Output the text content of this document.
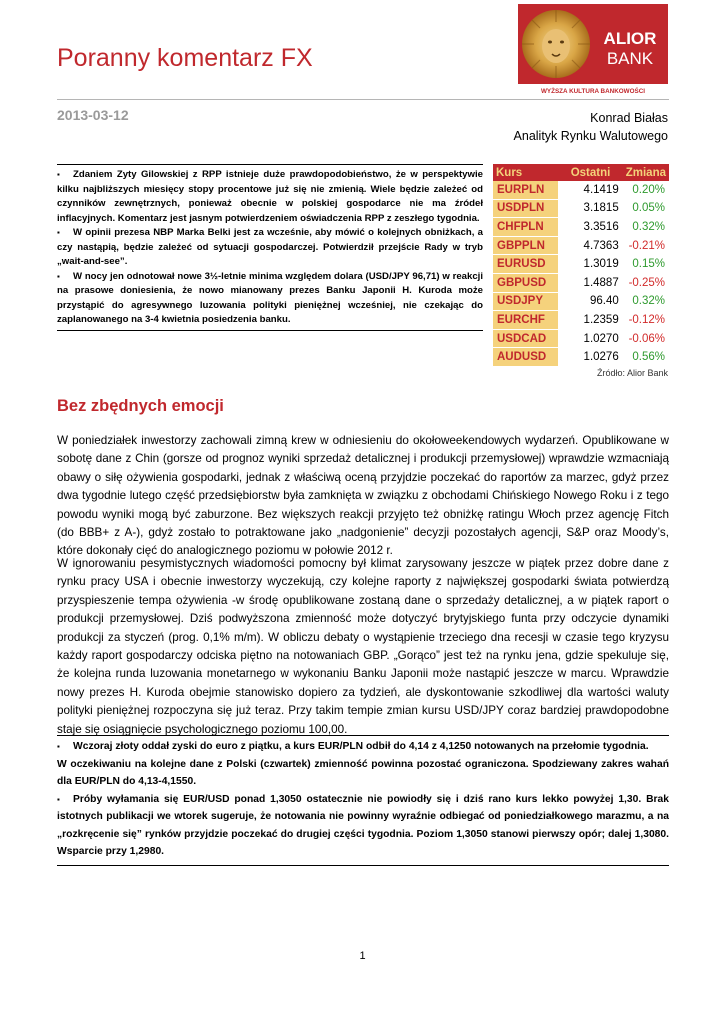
Poranny komentarz FX
ALIOR
BANK
WYŻSZA KULTURA BANKOWOŚCI
2013-03-12	Konrad Białas
Analityk Rynku Walutowego

▪ Zdaniem Zyty Gilowskiej z RPP istnieje duże prawdopodobieństwo, że w perspektywie kilku najbliższych miesięcy stopy procentowe już się nie zmienią. Wiele będzie zależeć od czynników zewnętrznych, ponieważ obecnie w polskiej gospodarce nie ma źródeł inflacyjnych. Komentarz jest jasnym potwierdzeniem oświadczenia RPP z zeszłego tygodnia.

▪ W opinii prezesa NBP Marka Belki jest za wcześnie, aby mówić o kolejnych obniżkach, a czy nastąpią, będzie zależeć od sytuacji gospodarczej. Potwierdził przejście Rady w tryb „wait-and-see”.

▪ W nocy jen odnotował nowe 3½-letnie minima względem dolara (USD/JPY 96,71) w reakcji na prasowe doniesienia, że nowo mianowany prezes Banku Japonii H. Kuroda może przystąpić do agresywnego luzowania polityki pieniężnej wcześniej, nie czekając do zaplanowanego na 3-4 kwietnia posiedzenia banku.

Kurs	Ostatni	Zmiana
EURPLN	4.1419	0.20%
USDPLN	3.1815	0.05%
CHFPLN	3.3516	0.32%
GBPPLN	4.7363	-0.21%
EURUSD	1.3019	0.15%
GBPUSD	1.4887	-0.25%
USDJPY	96.40	0.32%
EURCHF	1.2359	-0.12%
USDCAD	1.0270	-0.06%
AUDUSD	1.0276	0.56%
Źródło: Alior Bank
Bez zbędnych emocji

W poniedziałek inwestorzy zachowali zimną krew w odniesieniu do okołoweekendowych wydarzeń. Opublikowane w sobotę dane z Chin (gorsze od prognoz wyniki sprzedaż detalicznej i produkcji przemysłowej) wprawdzie wzmacniają obawy o siłę ożywienia gospodarki, jednak z właściwą oceną przyjdzie poczekać do raportów za marzec, gdyż przez dwa tygodnie lutego część przedsiębiorstw była zamknięta w związku z obchodami Chińskiego Nowego Roku i z tego powodu wyniki mogą być zaburzone. Bez większych reakcji przyjęto też obniżkę ratingu Włoch przez agencję Fitch (do BBB+ z A-), gdyż zostało to potraktowane jako „nadgonienie” decyzji pozostałych agencji, S&P oraz Moody’s, które dokonały cięć do analogicznego poziomu w połowie 2012 r.

W ignorowaniu pesymistycznych wiadomości pomocny był klimat zarysowany jeszcze w piątek przez dobre dane z rynku pracy USA i obecnie inwestorzy wyczekują, czy kolejne raporty z największej gospodarki świata potwierdzą przyspieszenie tempa ożywienia -w środę opublikowane zostaną dane o sprzedaży detalicznej, a w piątek raport o produkcji przemysłowej. Dziś podwyższona zmienność może dotyczyć brytyjskiego funta przy odczycie dynamiki produkcji za styczeń (prog. 0,1% m/m). W obliczu debaty o wystąpienie trzeciego dna recesji w czasie tego kryzysu każdy raport gospodarczy odciska piętno na notowaniach GBP. „Gorąco” jest też na rynku jena, gdzie spekuluje się, że kolejna runda luzowania monetarnego w wykonaniu Banku Japonii może nastąpić jeszcze w marcu. Wprawdzie nowy prezes H. Kuroda obejmie stanowisko dopiero za tydzień, ale dyskontowanie szkodliwej dla wartości waluty polityki pieniężnej rozpoczyna się już teraz. Przy takim tempie zmian kursu USD/JPY coraz bardziej prawdopodobne staje się osiągnięcie psychologicznego poziomu 100,00.

▪ Wczoraj złoty oddał zyski do euro z piątku, a kurs EUR/PLN odbił do 4,14 z 4,1250 notowanych na przełomie tygodnia.

W oczekiwaniu na kolejne dane z Polski (czwartek) zmienność powinna pozostać ograniczona. Spodziewany zakres wahań dla EUR/PLN do 4,13-4,1550.

▪ Próby wyłamania się EUR/USD ponad 1,3050 ostatecznie nie powiodły się i dziś rano kurs lekko powyżej 1,30. Brak istotnych publikacji we wtorek sugeruje, że notowania nie powinny wyraźnie odbiegać od poniedziałkowego marazmu, a na „rozkręcenie się” rynków przyjdzie poczekać do drugiej części tygodnia. Poziom 1,3050 stanowi pierwszy opór; dalej 1,3080. Wsparcie przy 1,2980.

1
